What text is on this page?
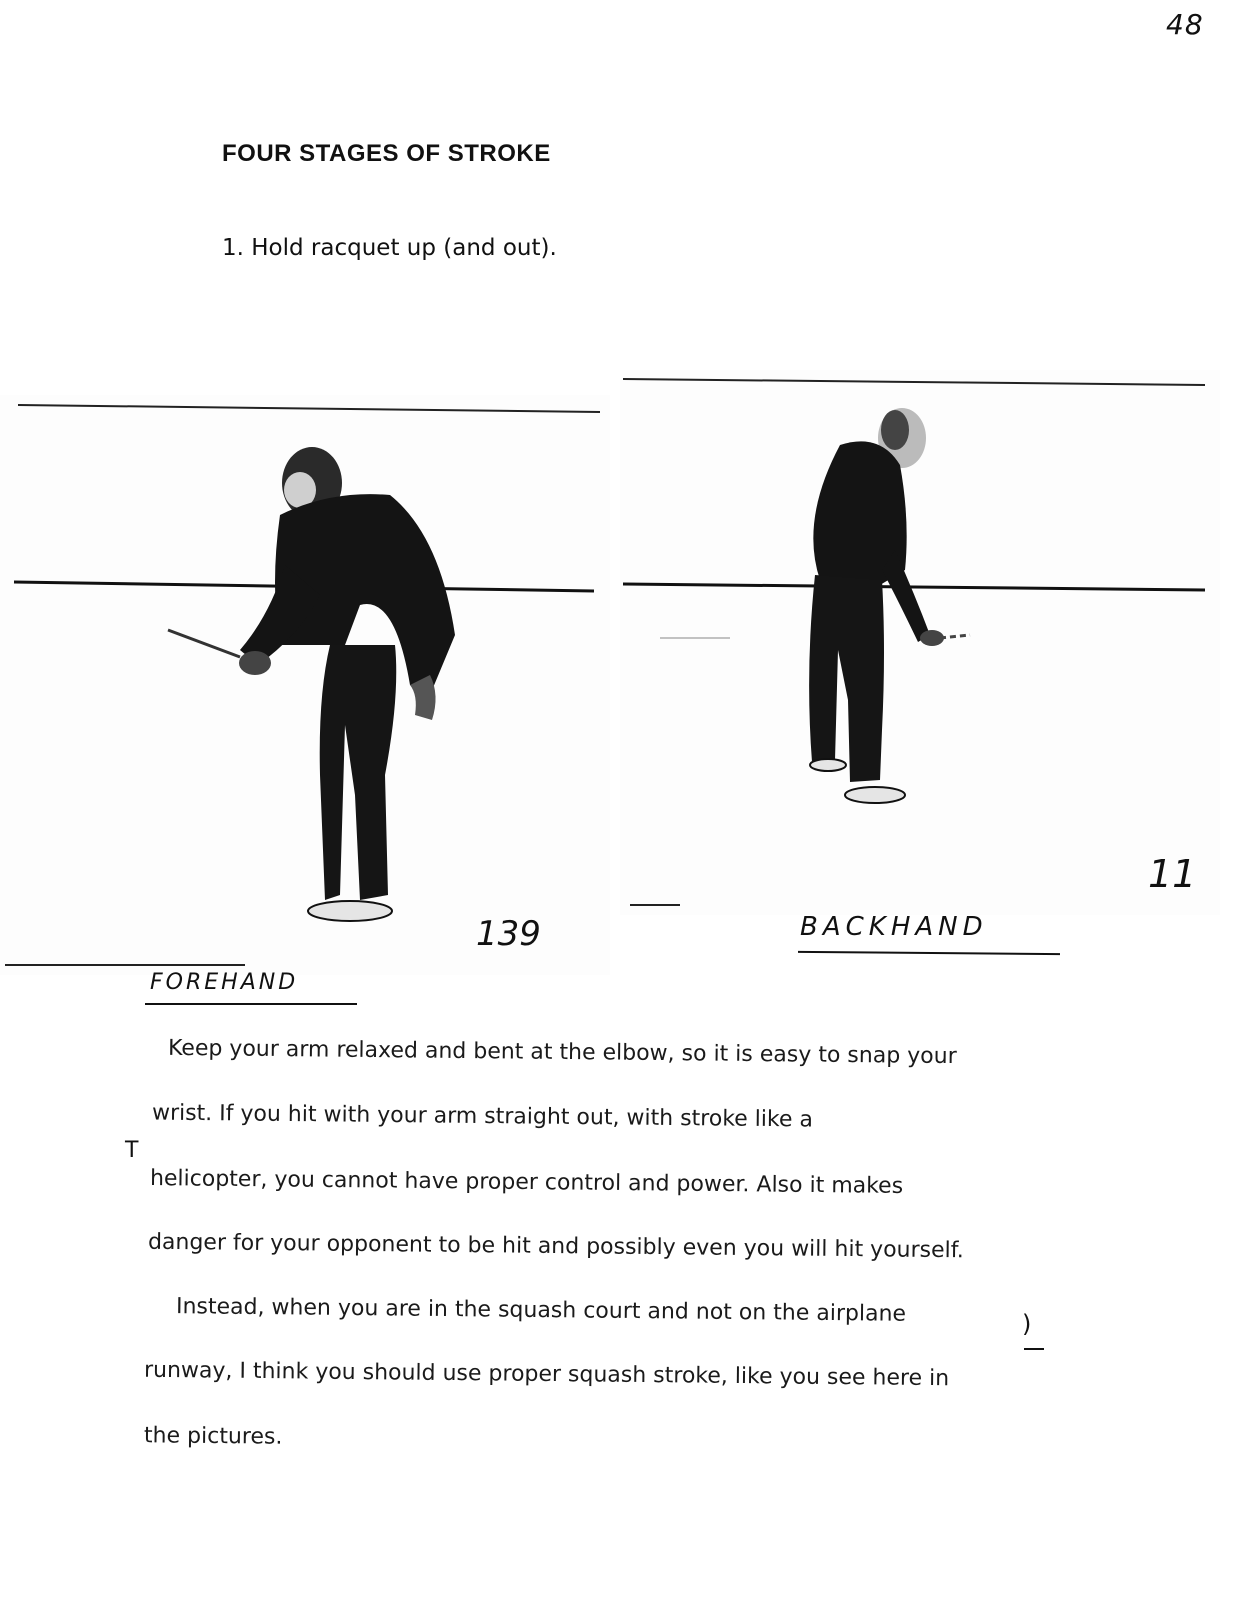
48
FOUR STAGES OF STROKE
1. Hold racquet up (and out).
11
139	BACKHAND
FOREHAND
Keep your arm relaxed and bent at the elbow, so it is easy to snap your
wrist. If you hit with your arm straight out, with stroke like a
helicopter, you cannot have proper control and power. Also it makes
danger for your opponent to be hit and possibly even you will hit yourself.
Instead, when you are in the squash court and not on the airplane
runway, I think you should use proper squash stroke, like you see here in
the pictures.
T
)
